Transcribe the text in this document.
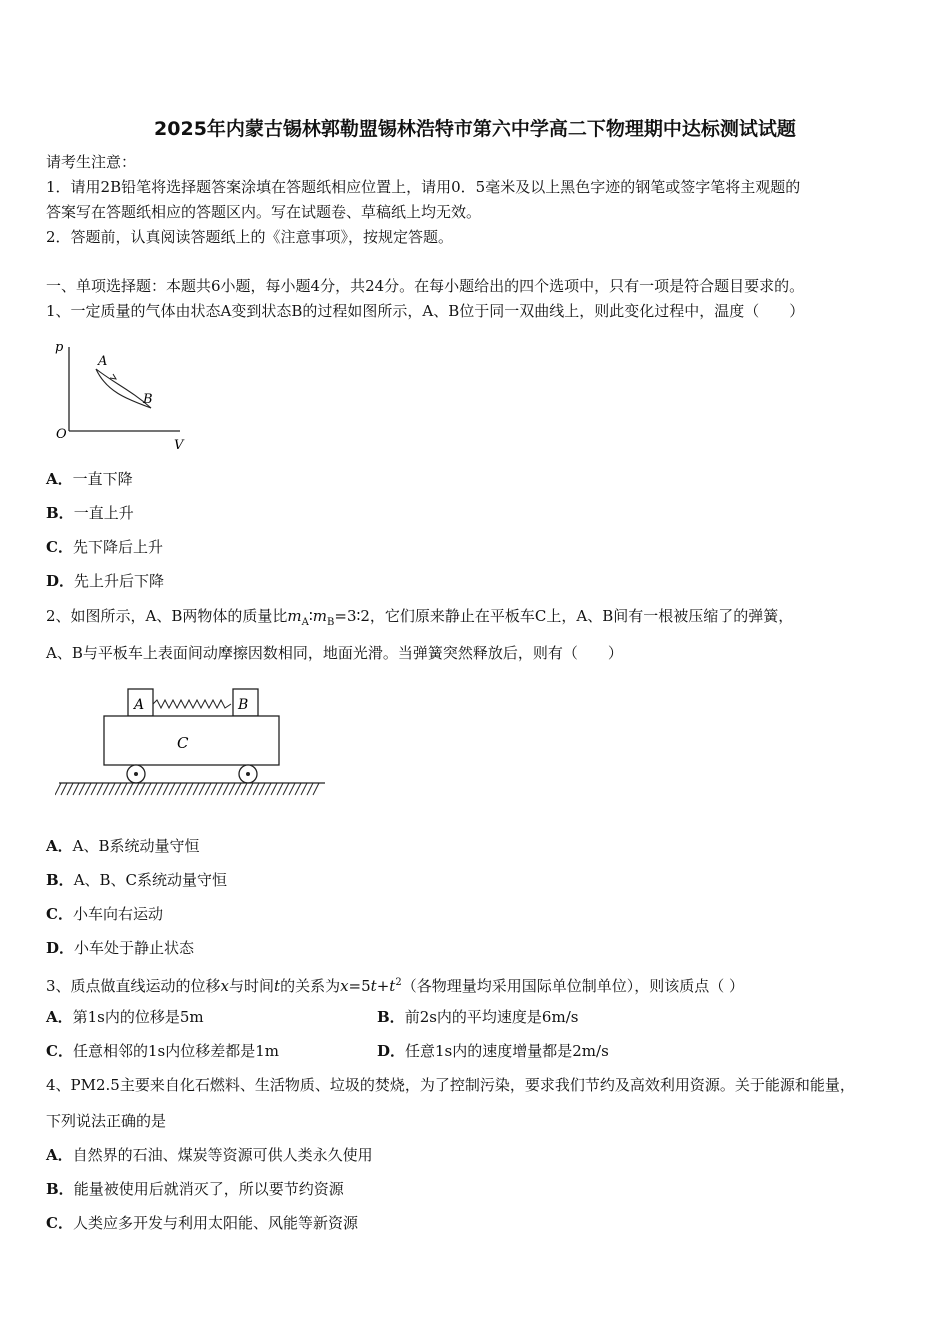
2025年内蒙古锡林郭勒盟锡林浩特市第六中学高二下物理期中达标测试试题
请考生注意：
1．请用2B铅笔将选择题答案涂填在答题纸相应位置上，请用0．5毫米及以上黑色字迹的钢笔或签字笔将主观题的
答案写在答题纸相应的答题区内。写在试题卷、草稿纸上均无效。
2．答题前，认真阅读答题纸上的《注意事项》，按规定答题。
一、单项选择题：本题共6小题，每小题4分，共24分。在每小题给出的四个选项中，只有一项是符合题目要求的。
1、一定质量的气体由状态A变到状态B的过程如图所示，A、B位于同一双曲线上，则此变化过程中，温度（　　）
p
V
O
A
B
A．一直下降
B．一直上升
C．先下降后上升
D．先上升后下降
2、如图所示，A、B两物体的质量比$m_A∶m_B=3∶2$，它们原来静止在平板车C上，A、B间有一根被压缩了的弹簧，
A、B与平板车上表面间动摩擦因数相同，地面光滑。当弹簧突然释放后，则有（　　）
A	B
C
A．A、B系统动量守恒
B．A、B、C系统动量守恒
C．小车向右运动
D．小车处于静止状态
3、质点做直线运动的位移x与时间t的关系为$x=5t+t^2$（各物理量均采用国际单位制单位），则该质点（ ）
A．第1s内的位移是5m	B．前2s内的平均速度是6m/s
C．任意相邻的1s内位移差都是1m	D．任意1s内的速度增量都是2m/s
4、PM2.5主要来自化石燃料、生活物质、垃圾的焚烧，为了控制污染，要求我们节约及高效利用资源。关于能源和能量，
下列说法正确的是
A．自然界的石油、煤炭等资源可供人类永久使用
B．能量被使用后就消灭了，所以要节约资源
C．人类应多开发与利用太阳能、风能等新资源
